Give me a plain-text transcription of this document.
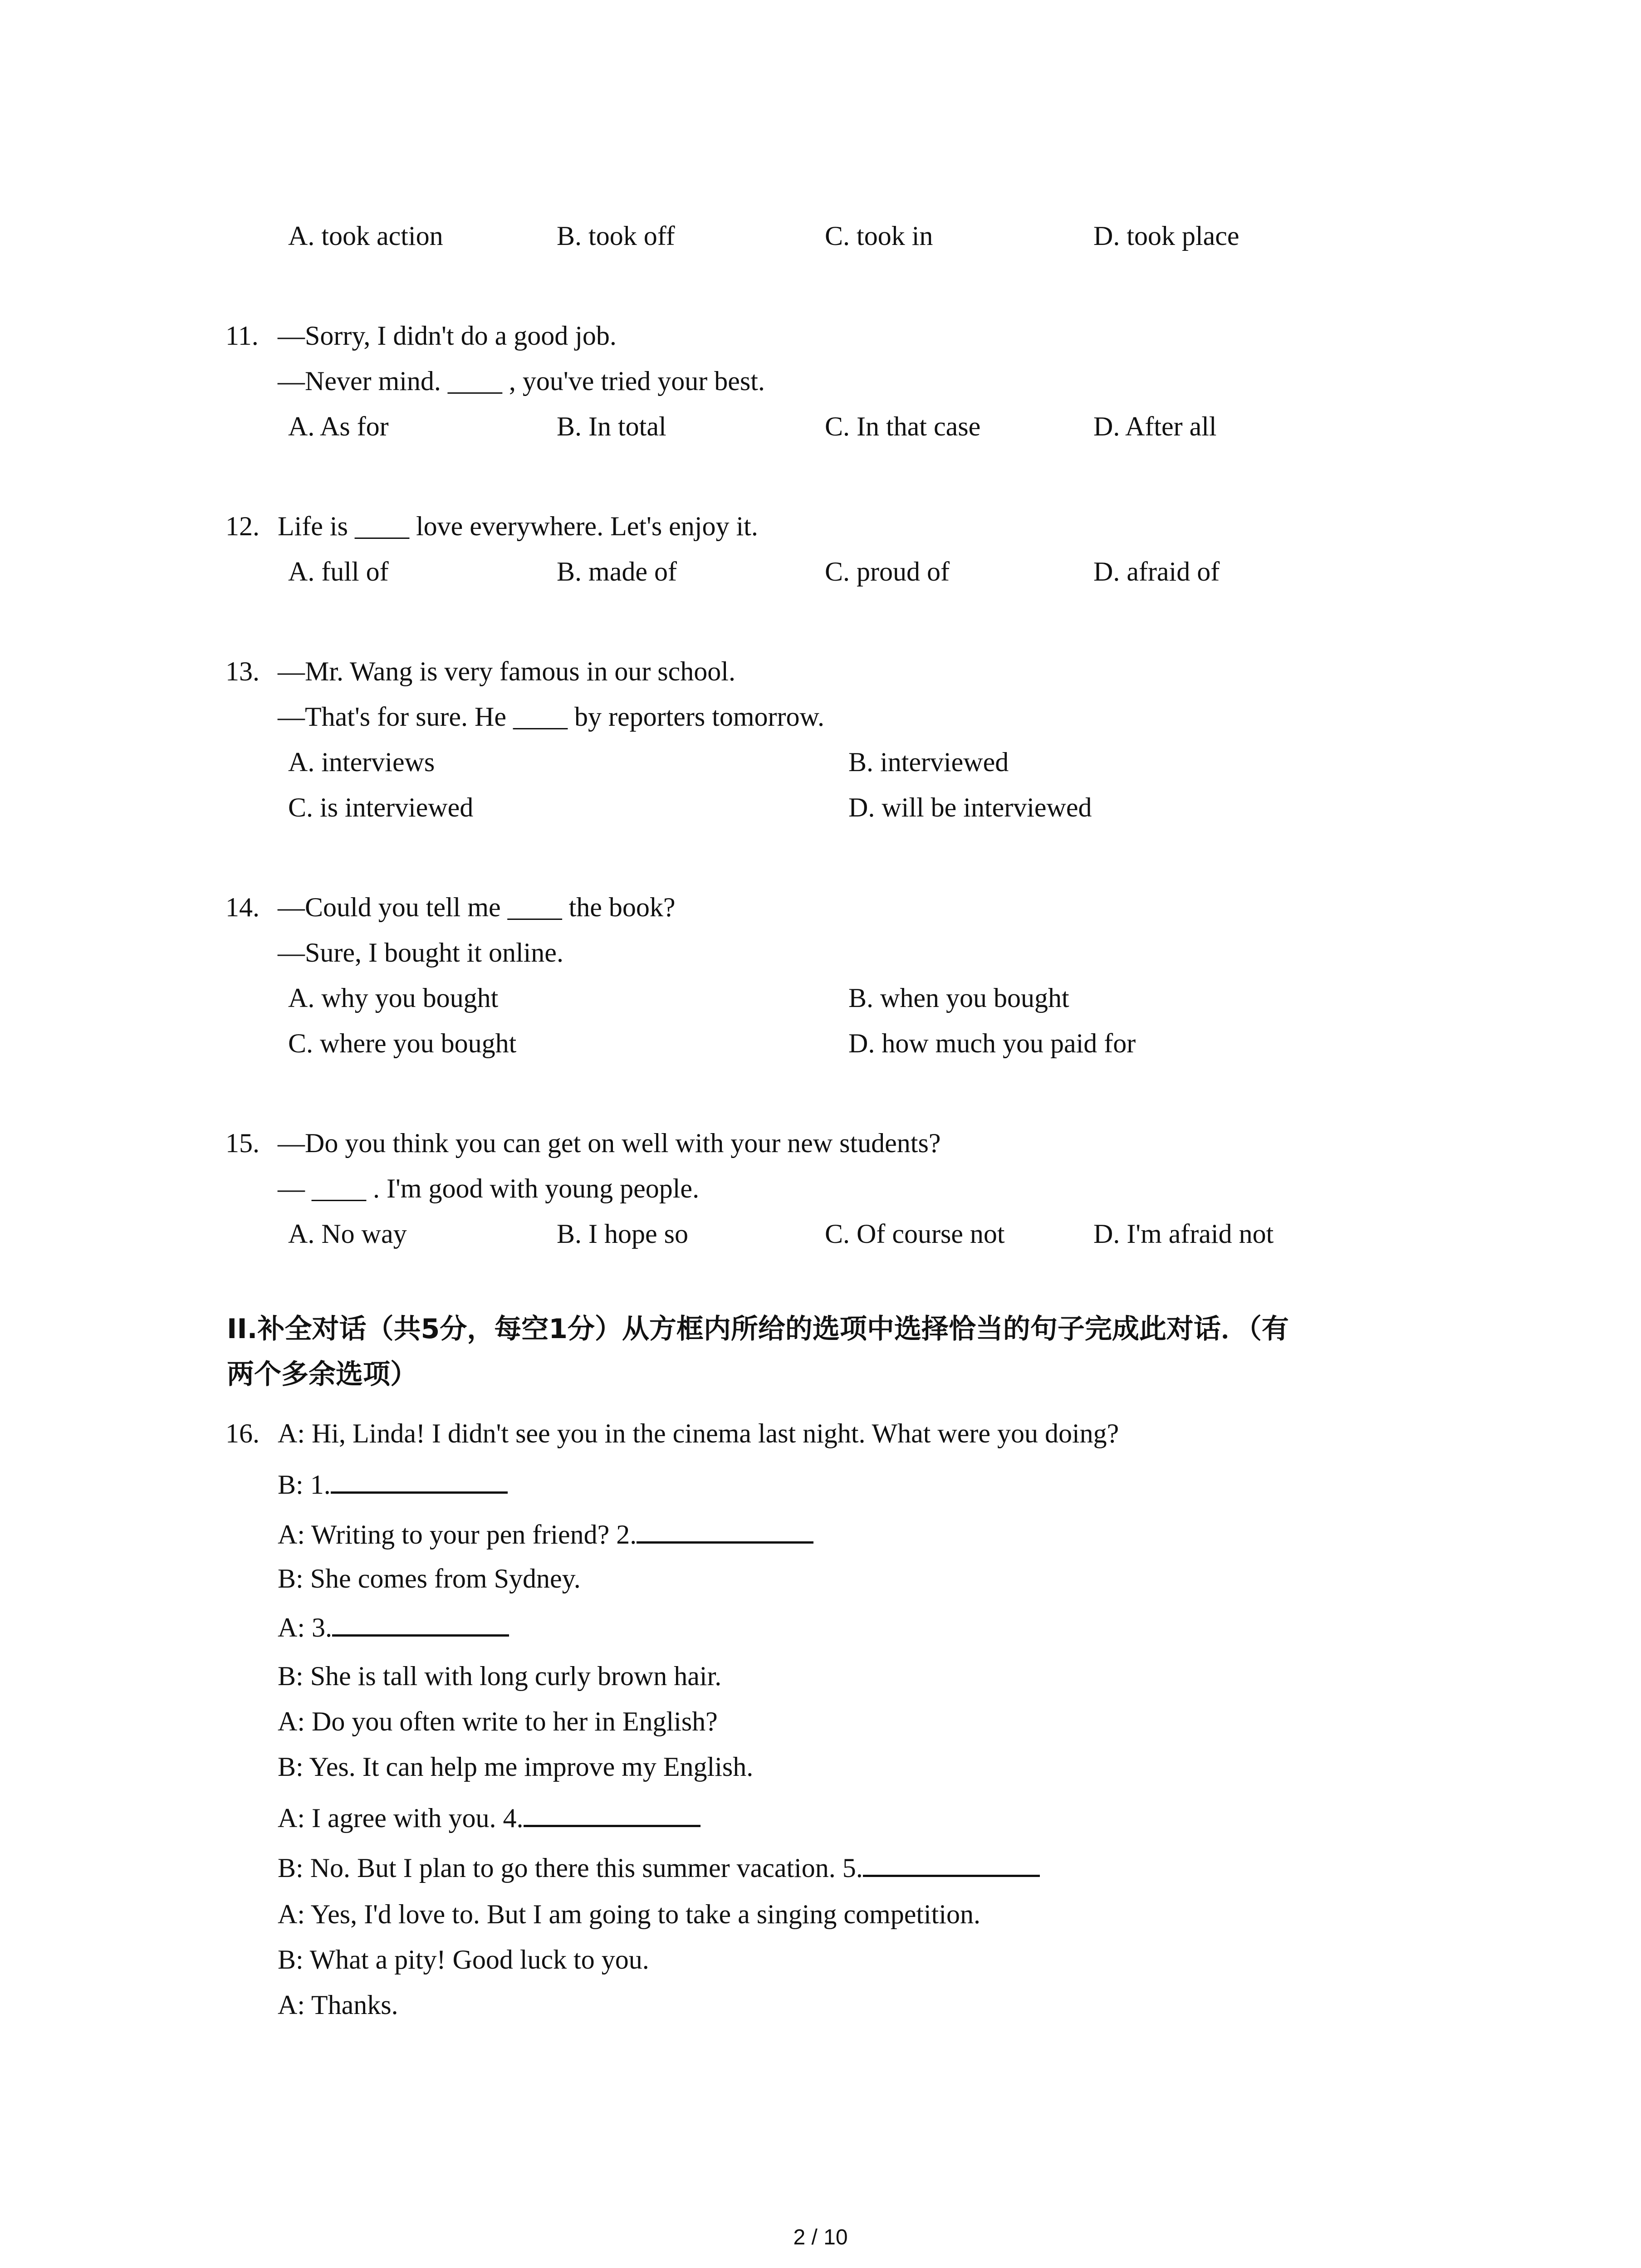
A. took action	B. took off	C. took in	D. took place
11. —Sorry, I didn't do a good job.
—Never mind. ____ , you've tried your best.
A. As for	B. In total	C. In that case	D. After all
12. Life is ____ love everywhere. Let's enjoy it.
A. full of	B. made of	C. proud of	D. afraid of
13. —Mr. Wang is very famous in our school.
—That's for sure. He ____ by reporters tomorrow.
A. interviews	B. interviewed
C. is interviewed	D. will be interviewed
14. —Could you tell me ____ the book?
—Sure, I bought it online.
A. why you bought	B. when you bought
C. where you bought	D. how much you paid for
15. —Do you think you can get on well with your new students?
— ____ . I'm good with young people.
A. No way	B. I hope so	C. Of course not	D. I'm afraid not
II.补全对话（共5分，每空1分）从方框内所给的选项中选择恰当的句子完成此对话．（有
两个多余选项）
16. A: Hi, Linda! I didn't see you in the cinema last night. What were you doing?
B: 1.
A: Writing to your pen friend? 2.
B: She comes from Sydney.
A: 3.
B: She is tall with long curly brown hair.
A: Do you often write to her in English?
B: Yes. It can help me improve my English.
A: I agree with you. 4.
B: No. But I plan to go there this summer vacation. 5.
A: Yes, I'd love to. But I am going to take a singing competition.
B: What a pity! Good luck to you.
A: Thanks.
2 / 10
